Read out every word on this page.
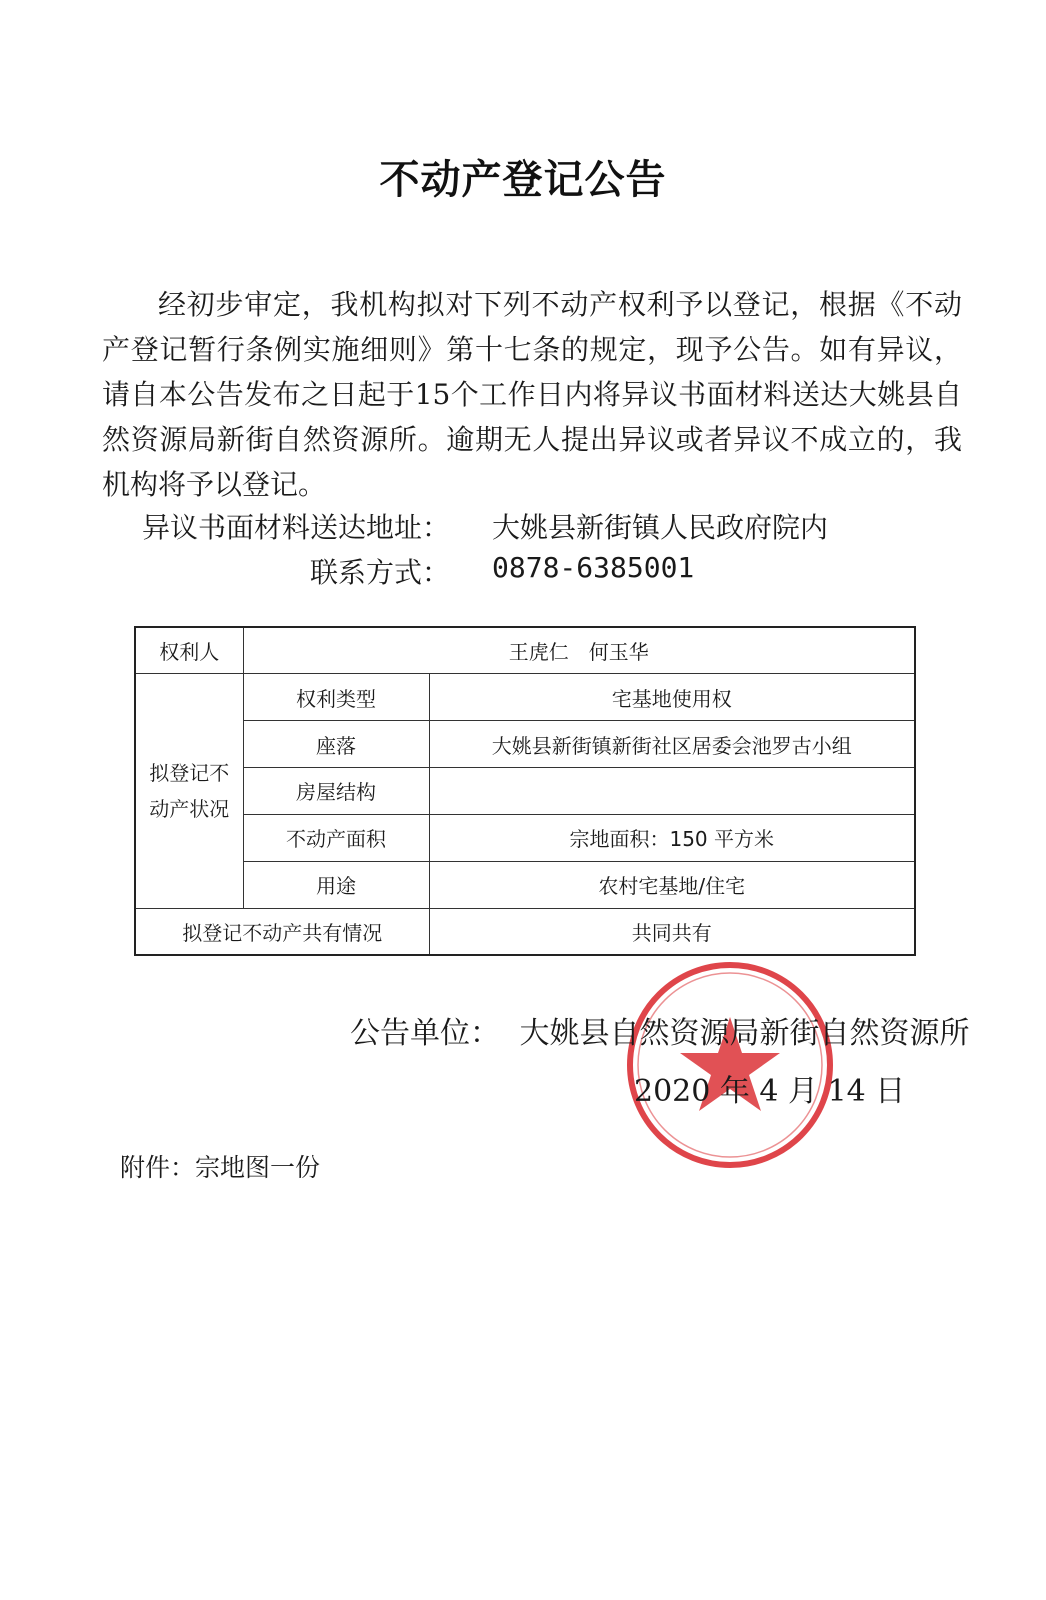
不动产登记公告
经初步审定，我机构拟对下列不动产权利予以登记，根据《不动产登记暂行条例实施细则》第十七条的规定，现予公告。如有异议，请自本公告发布之日起于15个工作日内将异议书面材料送达大姚县自然资源局新街自然资源所。逾期无人提出异议或者异议不成立的，我机构将予以登记。
异议书面材料送达地址： 大姚县新街镇人民政府院内
联系方式： 0878-6385001
权利人	王虎仁　何玉华	
拟登记不动产状况	权利类型	宅基地使用权
	座落	大姚县新街镇新街社区居委会池罗古小组
	房屋结构	
	不动产面积	宗地面积：150 平方米
	用途	农村宅基地/住宅
拟登记不动产共有情况		共同共有
公告单位： 大姚县自然资源局新街自然资源所
2020 年 4 月 14 日
附件：宗地图一份
